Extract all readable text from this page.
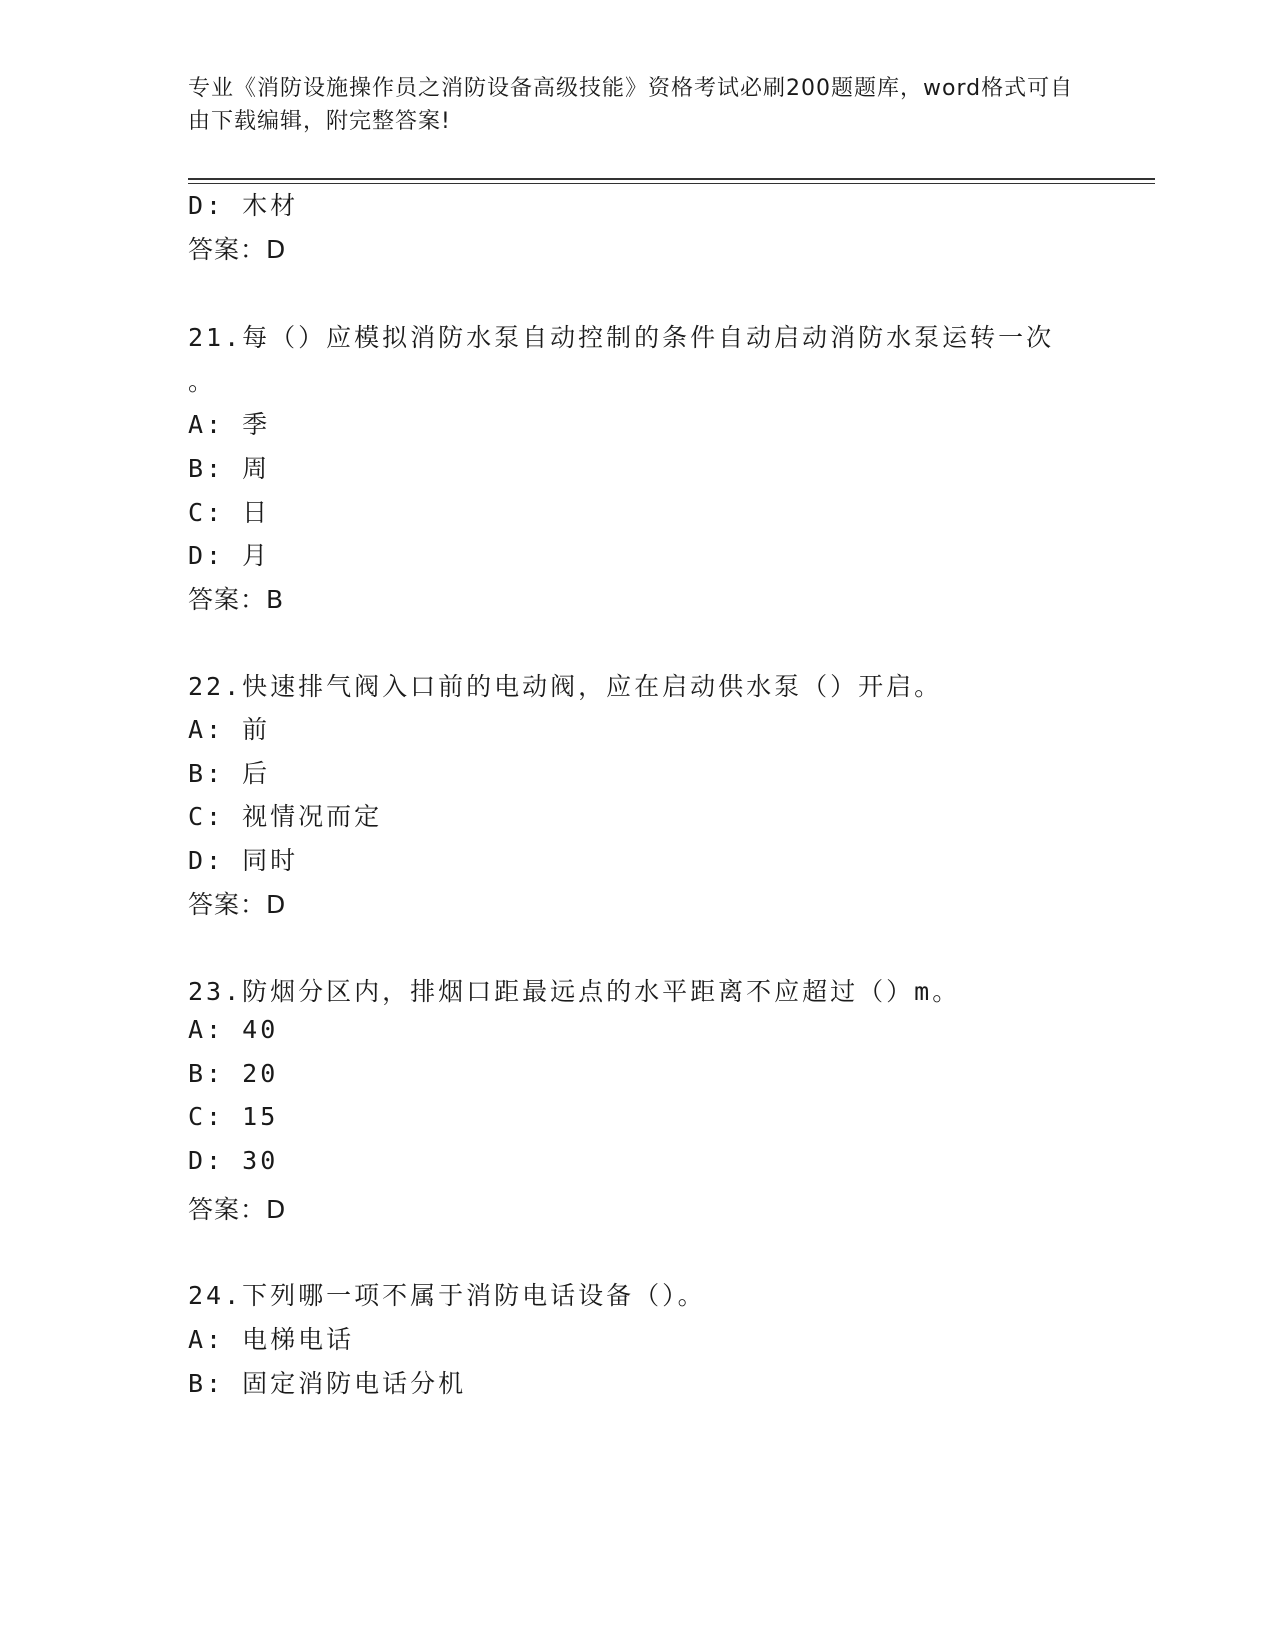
专业《消防设施操作员之消防设备高级技能》资格考试必刷200题题库，word格式可自由下载编辑，附完整答案!
D: 木材
答案：D
21.每（）应模拟消防水泵自动控制的条件自动启动消防水泵运转一次
。
A: 季
B: 周
C: 日
D: 月
答案：B
22.快速排气阀入口前的电动阀，应在启动供水泵（）开启。
A: 前
B: 后
C: 视情况而定
D: 同时
答案：D
23.防烟分区内，排烟口距最远点的水平距离不应超过（）m。
A: 40
B: 20
C: 15
D: 30
答案：D
24.下列哪一项不属于消防电话设备（）。
A: 电梯电话
B: 固定消防电话分机
